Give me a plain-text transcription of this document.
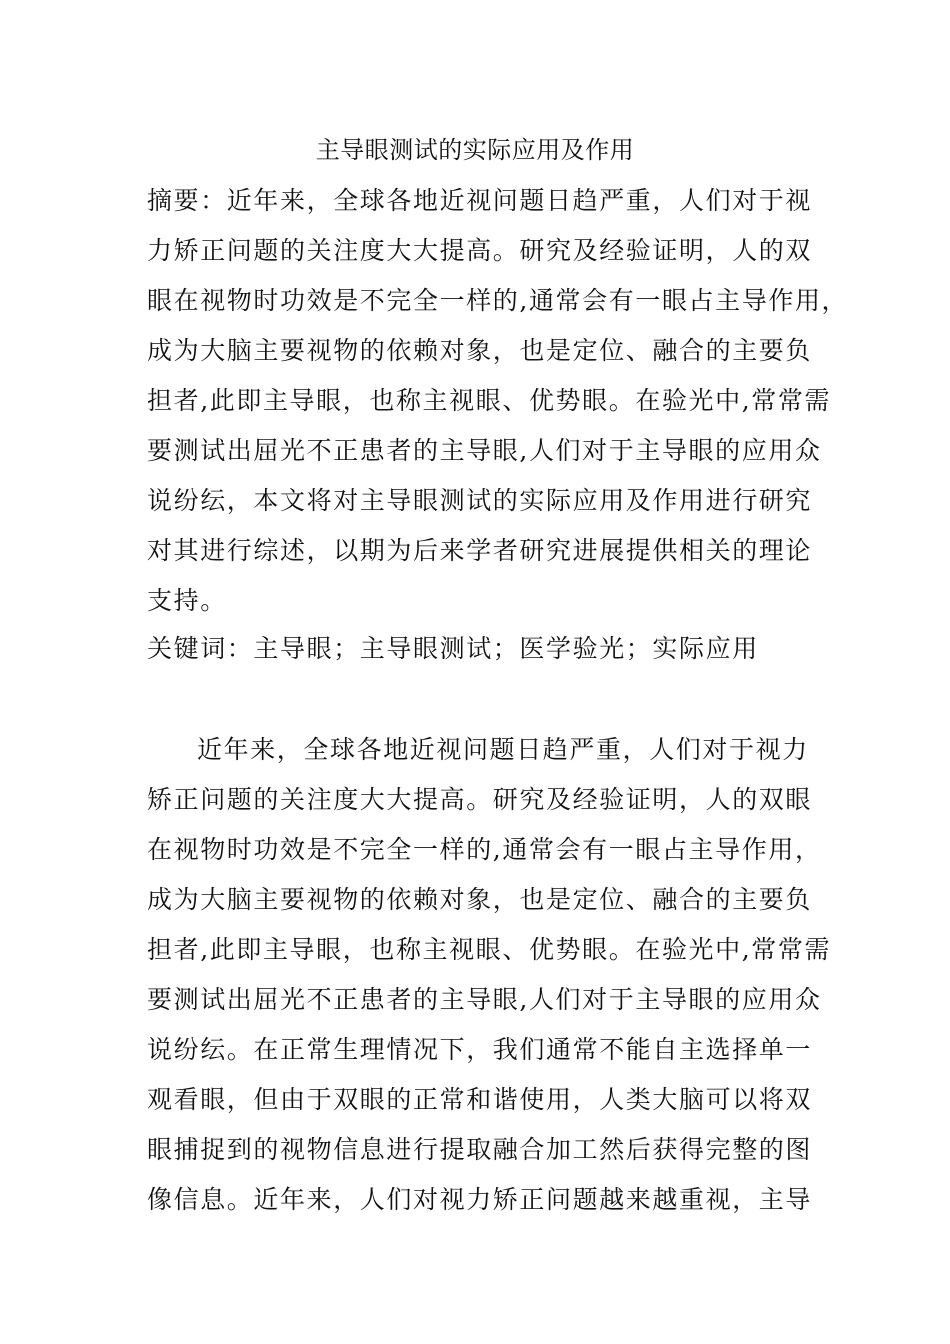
主导眼测试的实际应用及作用
摘要：近年来，全球各地近视问题日趋严重，人们对于视
力矫正问题的关注度大大提高。研究及经验证明，人的双
眼在视物时功效是不完全一样的,通常会有一眼占主导作用，
成为大脑主要视物的依赖对象，也是定位、融合的主要负
担者,此即主导眼，也称主视眼、优势眼。在验光中,常常需
要测试出屈光不正患者的主导眼,人们对于主导眼的应用众
说纷纭，本文将对主导眼测试的实际应用及作用进行研究
对其进行综述，以期为后来学者研究进展提供相关的理论
支持。
关键词：主导眼；主导眼测试；医学验光；实际应用
近年来，全球各地近视问题日趋严重，人们对于视力
矫正问题的关注度大大提高。研究及经验证明，人的双眼
在视物时功效是不完全一样的,通常会有一眼占主导作用，
成为大脑主要视物的依赖对象，也是定位、融合的主要负
担者,此即主导眼，也称主视眼、优势眼。在验光中,常常需
要测试出屈光不正患者的主导眼,人们对于主导眼的应用众
说纷纭。在正常生理情况下，我们通常不能自主选择单一
观看眼，但由于双眼的正常和谐使用，人类大脑可以将双
眼捕捉到的视物信息进行提取融合加工然后获得完整的图
像信息。近年来，人们对视力矫正问题越来越重视，主导
